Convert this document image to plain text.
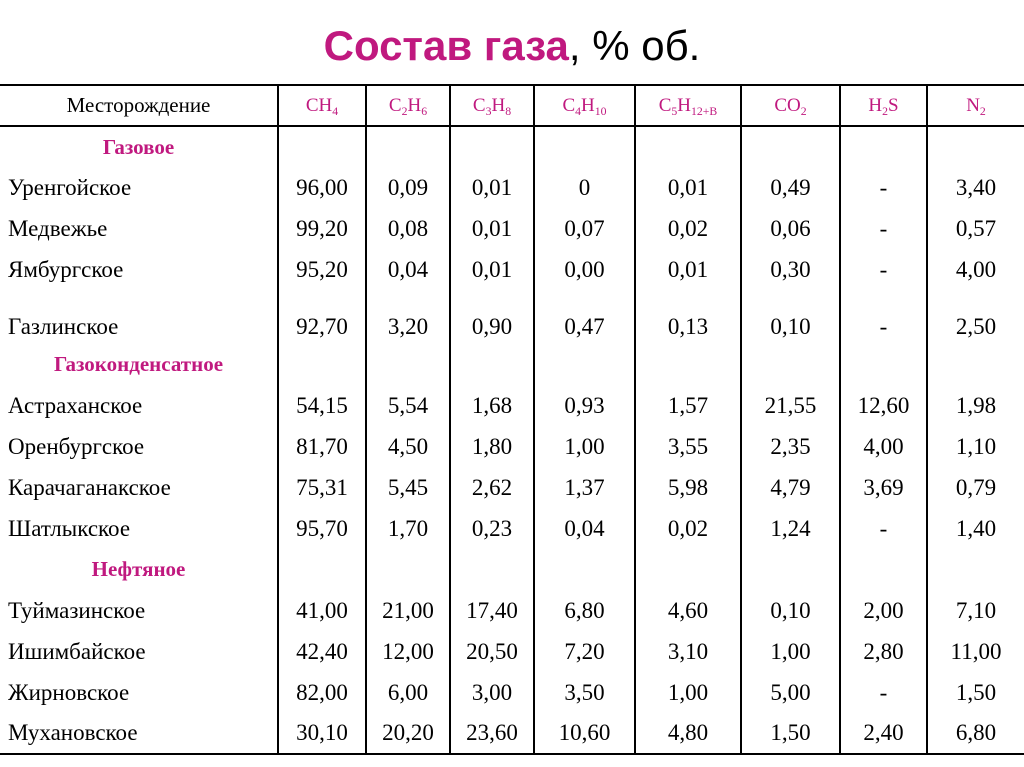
Состав газа, % об.
Месторождение	$CH_4$	$C_2H_6$	$C_3H_8$	$C_4H_{10}$	$C_5H_{12+B}$	$CO_2$	$H_2S$	$N_2$
Газовое								
Уренгойское	96,00	0,09	0,01	0	0,01	0,49	-	3,40
Медвежье	99,20	0,08	0,01	0,07	0,02	0,06	-	0,57
Ямбургское	95,20	0,04	0,01	0,00	0,01	0,30	-	4,00
Газлинское	92,70	3,20	0,90	0,47	0,13	0,10	-	2,50
Газоконденсатное								
Астраханское	54,15	5,54	1,68	0,93	1,57	21,55	12,60	1,98
Оренбургское	81,70	4,50	1,80	1,00	3,55	2,35	4,00	1,10
Карачаганакское	75,31	5,45	2,62	1,37	5,98	4,79	3,69	0,79
Шатлыкское	95,70	1,70	0,23	0,04	0,02	1,24	-	1,40
Нефтяное								
Туймазинское	41,00	21,00	17,40	6,80	4,60	0,10	2,00	7,10
Ишимбайское	42,40	12,00	20,50	7,20	3,10	1,00	2,80	11,00
Жирновское	82,00	6,00	3,00	3,50	1,00	5,00	-	1,50
Мухановское	30,10	20,20	23,60	10,60	4,80	1,50	2,40	6,80
